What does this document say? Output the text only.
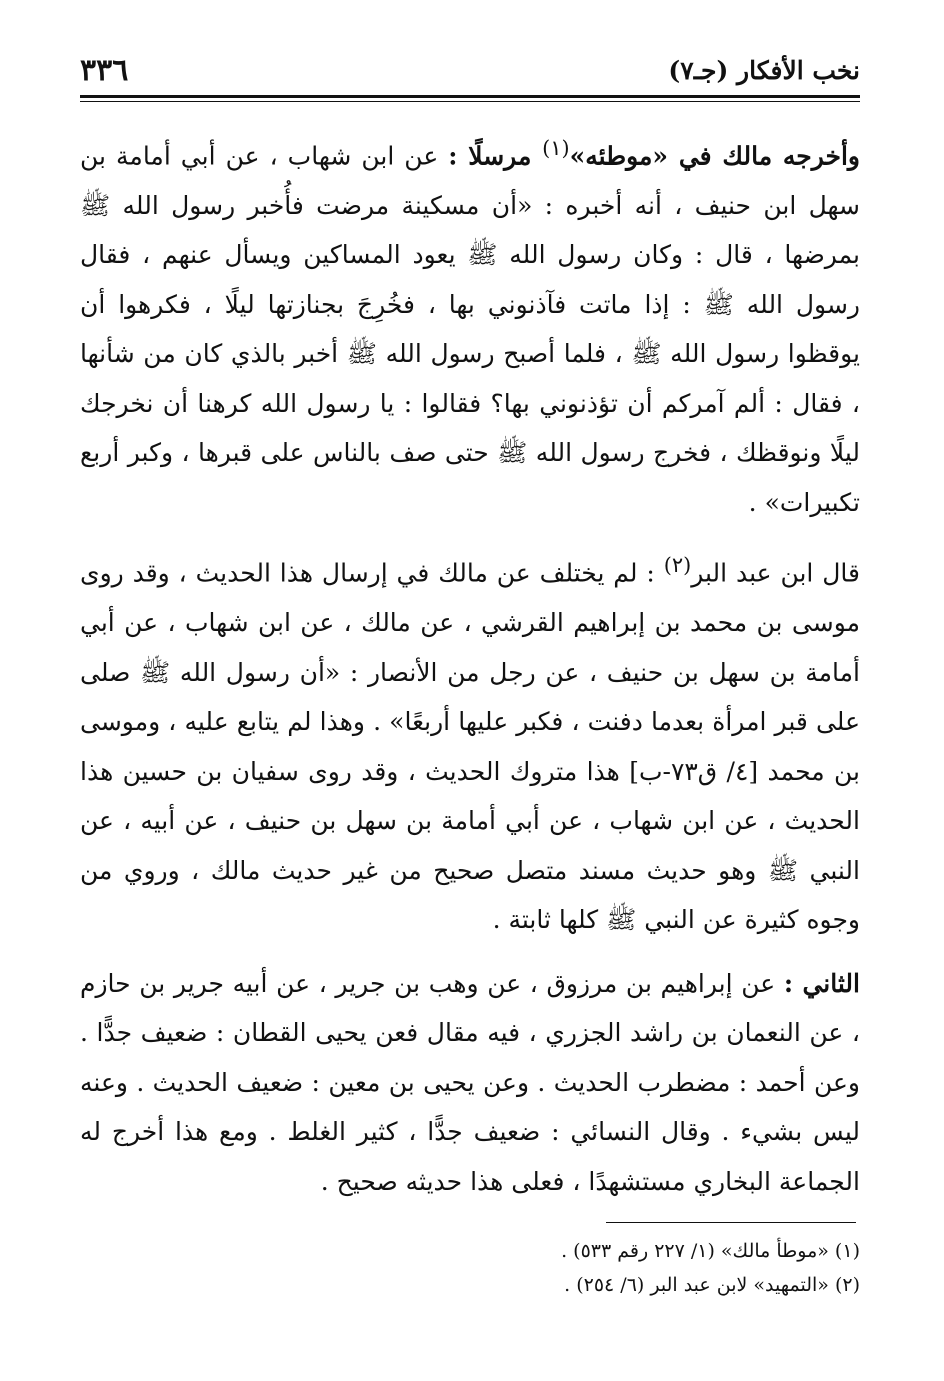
نخب الأفكار (جـ٧)
٣٣٦

وأخرجه مالك في «موطئه»$^{(١)}$ مرسلًا : عن ابن شهاب ، عن أبي أمامة بن سهل ابن حنيف ، أنه أخبره : «أن مسكينة مرضت فأُخبر رسول الله ﷺ بمرضها ، قال : وكان رسول الله ﷺ يعود المساكين ويسأل عنهم ، فقال رسول الله ﷺ : إذا ماتت فآذنوني بها ، فخُرِجَ بجنازتها ليلًا ، فكرهوا أن يوقظوا رسول الله ﷺ ، فلما أصبح رسول الله ﷺ أخبر بالذي كان من شأنها ، فقال : ألم آمركم أن تؤذنوني بها؟ فقالوا : يا رسول الله كرهنا أن نخرجك ليلًا ونوقظك ، فخرج رسول الله ﷺ حتى صف بالناس على قبرها ، وكبر أربع تكبيرات» .

قال ابن عبد البر$^{(٢)}$ : لم يختلف عن مالك في إرسال هذا الحديث ، وقد روى موسى بن محمد بن إبراهيم القرشي ، عن مالك ، عن ابن شهاب ، عن أبي أمامة بن سهل بن حنيف ، عن رجل من الأنصار : «أن رسول الله ﷺ صلى على قبر امرأة بعدما دفنت ، فكبر عليها أربعًا» . وهذا لم يتابع عليه ، وموسى بن محمد [٤/ ق٧٣-ب] هذا متروك الحديث ، وقد روى سفيان بن حسين هذا الحديث ، عن ابن شهاب ، عن أبي أمامة بن سهل بن حنيف ، عن أبيه ، عن النبي ﷺ وهو حديث مسند متصل صحيح من غير حديث مالك ، وروي من وجوه كثيرة عن النبي ﷺ كلها ثابتة .

الثاني : عن إبراهيم بن مرزوق ، عن وهب بن جرير ، عن أبيه جرير بن حازم ، عن النعمان بن راشد الجزري ، فيه مقال فعن يحيى القطان : ضعيف جدًّا . وعن أحمد : مضطرب الحديث . وعن يحيى بن معين : ضعيف الحديث . وعنه ليس بشيء . وقال النسائي : ضعيف جدًّا ، كثير الغلط . ومع هذا أخرج له الجماعة البخاري مستشهدًا ، فعلى هذا حديثه صحيح .

(١) «موطأ مالك» (١/ ٢٢٧ رقم ٥٣٣) .

(٢) «التمهيد» لابن عبد البر (٦/ ٢٥٤) .
